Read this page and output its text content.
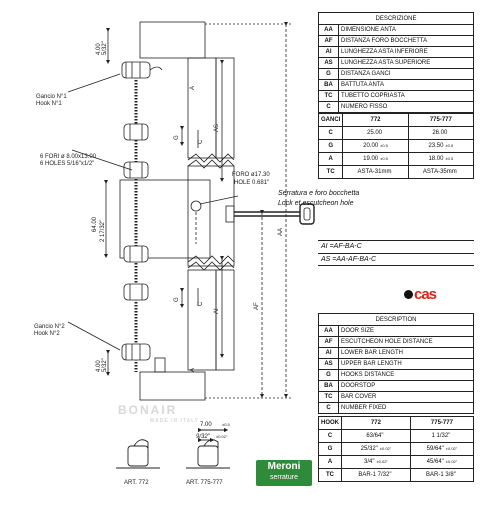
4.00 5/32"
4.00 5/32"
Gancio N°1
Hook N°1
6 FORI ø 8.00x13.00
6 HOLES 5/16"x1/2"
64.00 2 17/32"
FORO ø17.30
HOLE 0.681"
Gancio N°2
Hook N°2
AS
AI
AF
AA
G
G
A
A
C
C
7.00	±0.5
9/32" ±0.02"
ART. 772	ART. 775-777
BONAIR
MADE IN ITALY
DESCRIZIONE	
AA	DIMENSIONE ANTA
AF	DISTANZA FORO BOCCHETTA
AI	LUNGHEZZA ASTA INFERIORE
AS	LUNGHEZZA ASTA SUPERIORE
G	DISTANZA GANCI
BA	BATTUTA ANTA
TC	TUBETTO COPRIASTA
C	NUMERO FISSO
GANCI	772	775-777
C	25.00	26.00
G	20.00 ±0.5	23.50 ±0.5
A	19.00 ±0.5	18.00 ±0.5
TC	ASTA-31mm	ASTA-35mm
Serratura e foro bocchetta
Lock et escutcheon hole
AI =AF-BA-C
AS =AA-AF-BA-C
cas
DESCRIPTION	
AA	DOOR SIZE
AF	ESCUTCHEON HOLE DISTANCE
AI	LOWER BAR LENGTH
AS	UPPER BAR LENGTH
G	HOOKS DISTANCE
BA	DOORSTOP
TC	BAR COVER
C	NUMBER FIXED
HOOK	772	775-777
C	63/64"	1 1/32"
G	25/32" ±0.02"	59/64" ±0.02"
A	3/4" ±0.02"	45/64" ±0.02"
TC	BAR-1 7/32"	BAR-1 3/8"
Meroni
serrature
